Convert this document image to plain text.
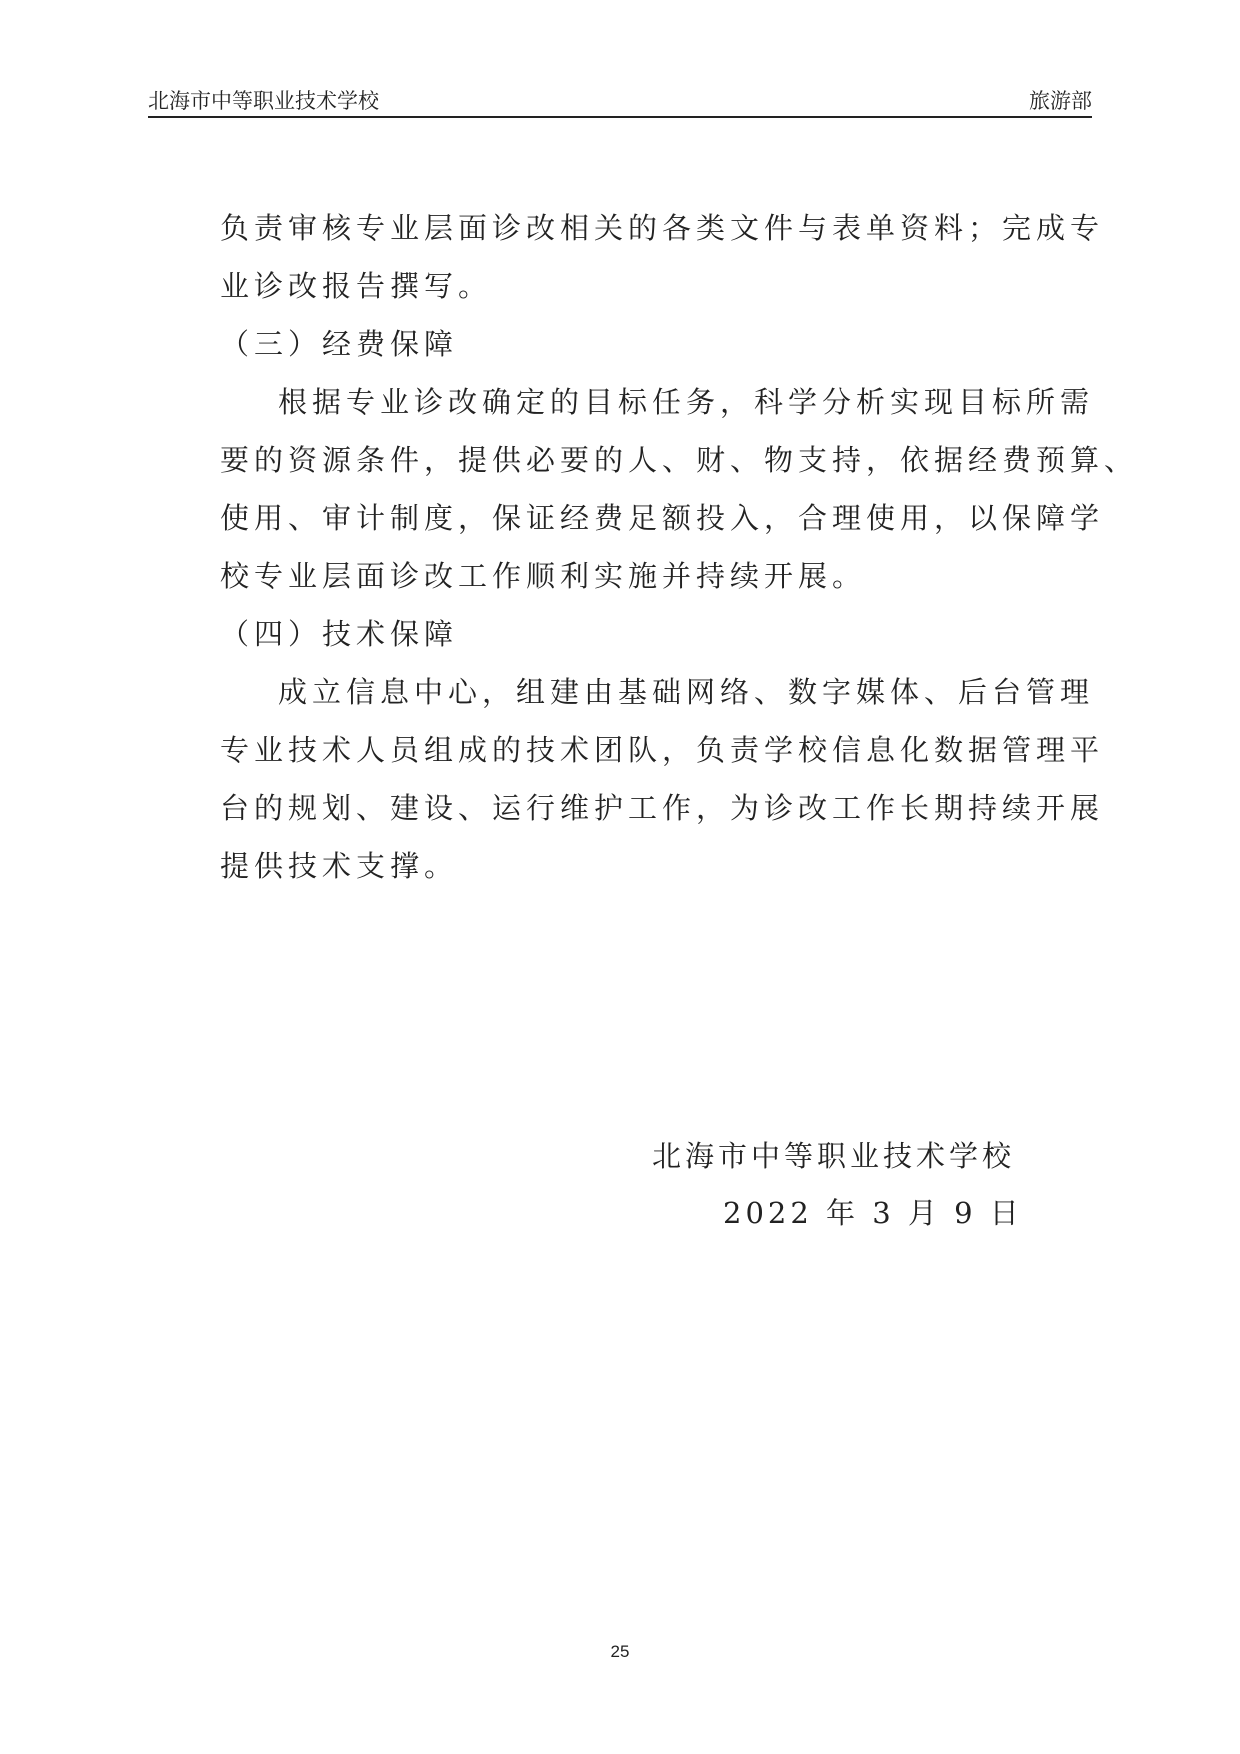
北海市中等职业技术学校	旅游部
负责审核专业层面诊改相关的各类文件与表单资料；完成专
业诊改报告撰写。
（三）经费保障
根据专业诊改确定的目标任务，科学分析实现目标所需
要的资源条件，提供必要的人、财、物支持，依据经费预算、
使用、审计制度，保证经费足额投入，合理使用，以保障学
校专业层面诊改工作顺利实施并持续开展。
（四）技术保障
成立信息中心，组建由基础网络、数字媒体、后台管理
专业技术人员组成的技术团队，负责学校信息化数据管理平
台的规划、建设、运行维护工作，为诊改工作长期持续开展
提供技术支撑。
北海市中等职业技术学校
2022 年 3 月 9 日
25
